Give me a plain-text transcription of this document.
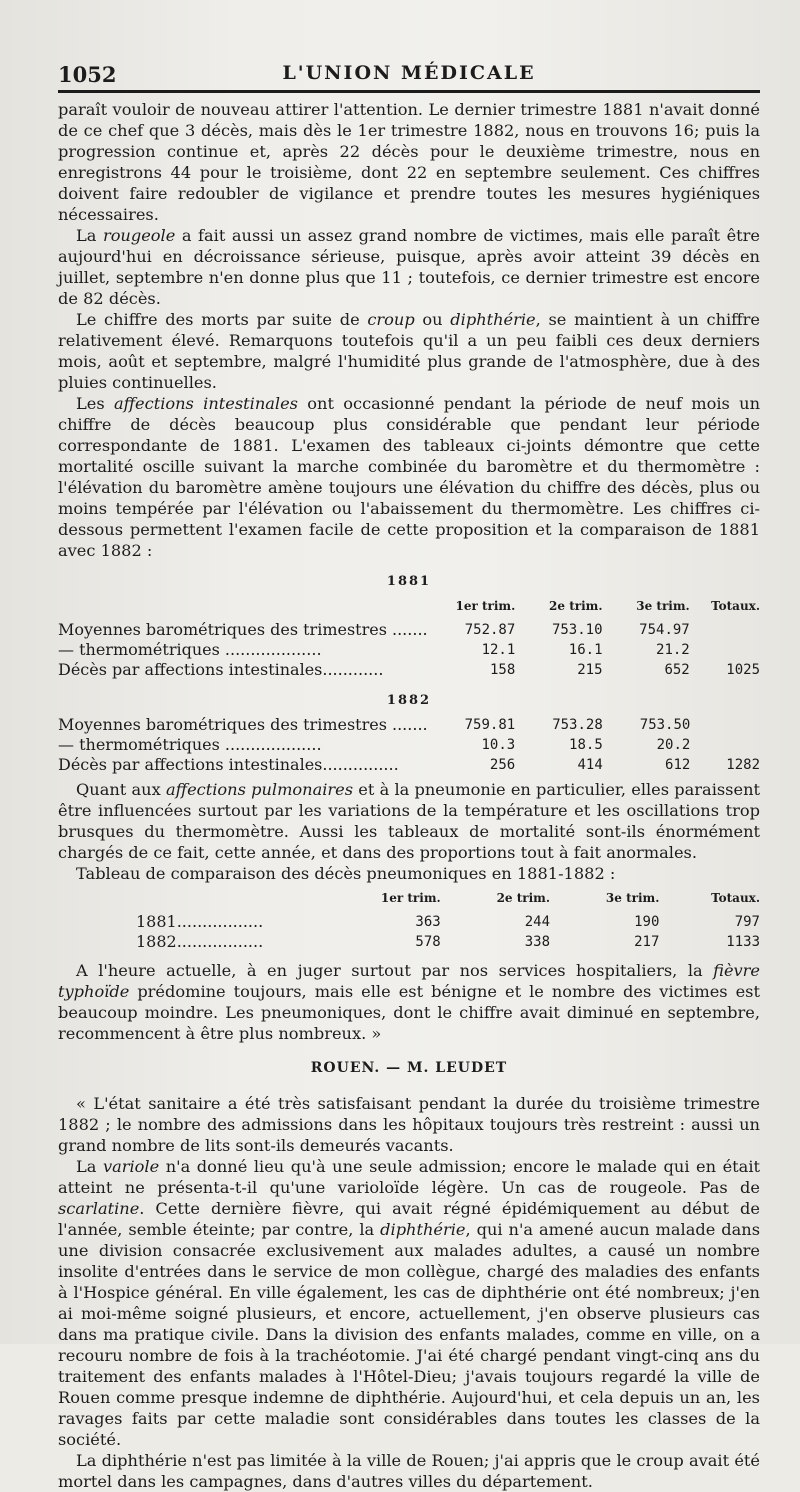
1052	L'UNION MÉDICALE

paraît vouloir de nouveau attirer l'attention. Le dernier trimestre 1881 n'avait donné de ce chef que 3 décès, mais dès le 1er trimestre 1882, nous en trouvons 16; puis la progression continue et, après 22 décès pour le deuxième trimestre, nous en enregistrons 44 pour le troisième, dont 22 en septembre seulement. Ces chiffres doivent faire redoubler de vigilance et prendre toutes les mesures hygiéniques nécessaires.

La rougeole a fait aussi un assez grand nombre de victimes, mais elle paraît être aujourd'hui en décroissance sérieuse, puisque, après avoir atteint 39 décès en juillet, septembre n'en donne plus que 11 ; toutefois, ce dernier trimestre est encore de 82 décès.

Le chiffre des morts par suite de croup ou diphthérie, se maintient à un chiffre relativement élevé. Remarquons toutefois qu'il a un peu faibli ces deux derniers mois, août et septembre, malgré l'humidité plus grande de l'atmosphère, due à des pluies continuelles.

Les affections intestinales ont occasionné pendant la période de neuf mois un chiffre de décès beaucoup plus considérable que pendant leur période correspondante de 1881. L'examen des tableaux ci-joints démontre que cette mortalité oscille suivant la marche combinée du baromètre et du thermomètre : l'élévation du baromètre amène toujours une élévation du chiffre des décès, plus ou moins tempérée par l'élévation ou l'abaissement du thermomètre. Les chiffres ci-dessous permettent l'examen facile de cette proposition et la comparaison de 1881 avec 1882 :

1881
	1er trim.	2e trim.	3e trim.	Totaux.
Moyennes barométriques des trimestres .......	752.87	753.10	754.97	
— thermométriques ...................	12.1	16.1	21.2	
Décès par affections intestinales............	158	215	652	1025
1882
Moyennes barométriques des trimestres .......	759.81	753.28	753.50	
— thermométriques ...................	10.3	18.5	20.2	
Décès par affections intestinales...............	256	414	612	1282

Quant aux affections pulmonaires et à la pneumonie en particulier, elles paraissent être influencées surtout par les variations de la température et les oscillations trop brusques du thermomètre. Aussi les tableaux de mortalité sont-ils énormément chargés de ce fait, cette année, et dans des proportions tout à fait anormales.

Tableau de comparaison des décès pneumoniques en 1881-1882 :

	1er trim.	2e trim.	3e trim.	Totaux.
1881.................	363	244	190	797
1882.................	578	338	217	1133

A l'heure actuelle, à en juger surtout par nos services hospitaliers, la fièvre typhoïde prédomine toujours, mais elle est bénigne et le nombre des victimes est beaucoup moindre. Les pneumoniques, dont le chiffre avait diminué en septembre, recommencent à être plus nombreux. »

ROUEN. — M. LEUDET

« L'état sanitaire a été très satisfaisant pendant la durée du troisième trimestre 1882 ; le nombre des admissions dans les hôpitaux toujours très restreint : aussi un grand nombre de lits sont-ils demeurés vacants.

La variole n'a donné lieu qu'à une seule admission; encore le malade qui en était atteint ne présenta-t-il qu'une varioloïde légère. Un cas de rougeole. Pas de scarlatine. Cette dernière fièvre, qui avait régné épidémiquement au début de l'année, semble éteinte; par contre, la diphthérie, qui n'a amené aucun malade dans une division consacrée exclusivement aux malades adultes, a causé un nombre insolite d'entrées dans le service de mon collègue, chargé des maladies des enfants à l'Hospice général. En ville également, les cas de diphthérie ont été nombreux; j'en ai moi-même soigné plusieurs, et encore, actuellement, j'en observe plusieurs cas dans ma pratique civile. Dans la division des enfants malades, comme en ville, on a recouru nombre de fois à la trachéotomie. J'ai été chargé pendant vingt-cinq ans du traitement des enfants malades à l'Hôtel-Dieu; j'avais toujours regardé la ville de Rouen comme presque indemne de diphthérie. Aujourd'hui, et cela depuis un an, les ravages faits par cette maladie sont considérables dans toutes les classes de la société.

La diphthérie n'est pas limitée à la ville de Rouen; j'ai appris que le croup avait été mortel dans les campagnes, dans d'autres villes du département.
